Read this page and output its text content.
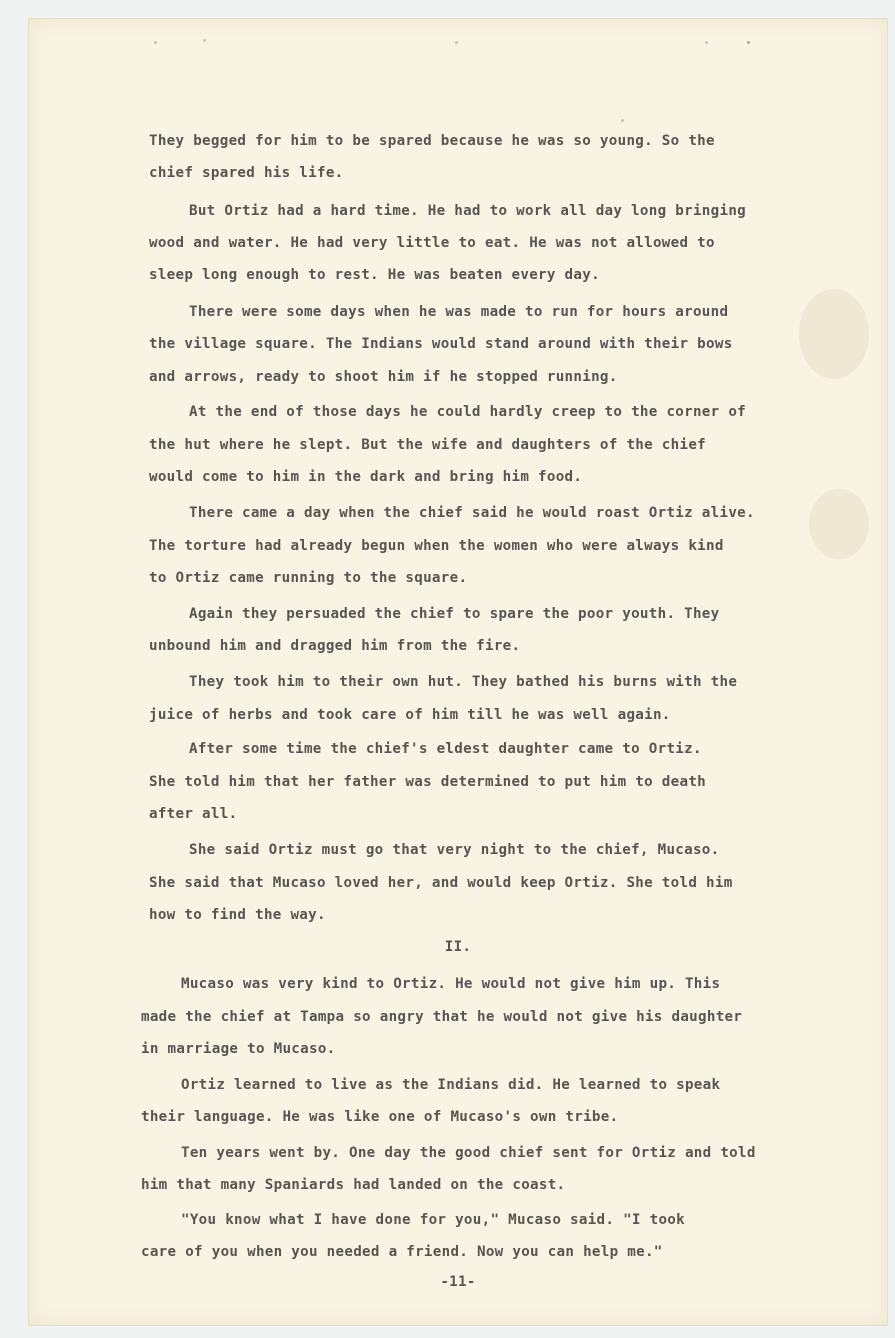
They begged for him to be spared because he was so young. So the
chief spared his life.
But Ortiz had a hard time. He had to work all day long bringing
wood and water. He had very little to eat. He was not allowed to
sleep long enough to rest. He was beaten every day.
There were some days when he was made to run for hours around
the village square. The Indians would stand around with their bows
and arrows, ready to shoot him if he stopped running.
At the end of those days he could hardly creep to the corner of
the hut where he slept. But the wife and daughters of the chief
would come to him in the dark and bring him food.
There came a day when the chief said he would roast Ortiz alive.
The torture had already begun when the women who were always kind
to Ortiz came running to the square.
Again they persuaded the chief to spare the poor youth. They
unbound him and dragged him from the fire.
They took him to their own hut. They bathed his burns with the
juice of herbs and took care of him till he was well again.
After some time the chief's eldest daughter came to Ortiz.
She told him that her father was determined to put him to death
after all.
She said Ortiz must go that very night to the chief, Mucaso.
She said that Mucaso loved her, and would keep Ortiz. She told him
how to find the way.
II.
Mucaso was very kind to Ortiz. He would not give him up. This
made the chief at Tampa so angry that he would not give his daughter
in marriage to Mucaso.
Ortiz learned to live as the Indians did. He learned to speak
their language. He was like one of Mucaso's own tribe.
Ten years went by. One day the good chief sent for Ortiz and told
him that many Spaniards had landed on the coast.
"You know what I have done for you," Mucaso said. "I took
care of you when you needed a friend. Now you can help me."
-11-
